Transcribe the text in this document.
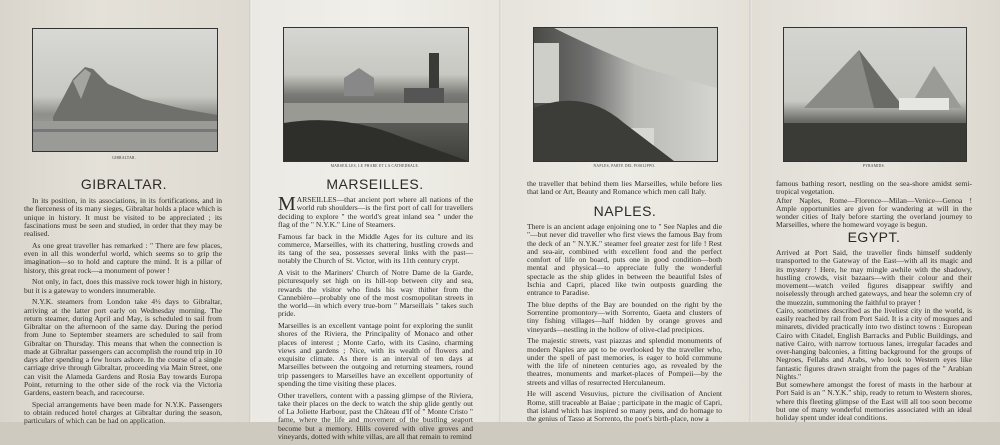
GIBRALTAR.
GIBRALTAR.

In its position, in its associations, in its fortifications, and in the fierceness of its many sieges, Gibraltar holds a place which is unique in history. It must be visited to be appreciated ; its fascinations must be seen and studied, in order that they may be realised.

As one great traveller has remarked : " There are few places, even in all this wonderful world, which seems so to grip the imagination—so to hold and capture the mind. It is a pillar of history, this great rock—a monument of power !

Not only, in fact, does this massive rock tower high in history, but it is a gateway to wonders innumerable.

N.Y.K. steamers from London take 4½ days to Gibraltar, arriving at the latter port early on Wednesday morning. The return steamer, during April and May, is scheduled to sail from Gibraltar on the afternoon of the same day. During the period from June to September steamers are scheduled to sail from Gibraltar on Thursday. This means that when the connection is made at Gibraltar passengers can accomplish the round trip in 10 days after spending a few hours ashore. In the course of a single carriage drive through Gibraltar, proceeding via Main Street, one can visit the Alameda Gardens and Rosia Bay towards Europa Point, returning to the other side of the rock via the Victoria Gardens, eastern beach, and racecourse.

Special arrangements have been made for N.Y.K. Passengers to obtain reduced hotel charges at Gibraltar during the season, particulars of which can be had on application.

MARSEILLES, LE PHARE ET LA CATHEDRALE.
MARSEILLES.

MARSEILLES—that ancient port where all nations of the world rub shoulders—is the first port of call for travellers deciding to explore " the world's great inland sea " under the flag of the " N.Y.K." Line of Steamers.

Famous far back in the Middle Ages for its culture and its commerce, Marseilles, with its chattering, hustling crowds and its tang of the sea, possesses several links with the past—notably the Church of St. Victor, with its 11th century crypt.

A visit to the Mariners' Church of Notre Dame de la Garde, picturesquely set high on its hill-top between city and sea, rewards the visitor who finds his way thither from the Cannebière—probably one of the most cosmopolitan streets in the world—in which every true-born " Marseillais " takes such pride.

Marseilles is an excellent vantage point for exploring the sunlit shores of the Riviera, the Principality of Monaco and other places of interest ; Monte Carlo, with its Casino, charming views and gardens ; Nice, with its wealth of flowers and exquisite climate. As there is an interval of ten days at Marseilles between the outgoing and returning steamers, round trip passengers to Marseilles have an excellent opportunity of spending the time visiting these places.

Other travellers, content with a passing glimpse of the Riviera, take their places on the deck to watch the ship glide gently out of La Joliette Harbour, past the Château d'If of " Monte Cristo " fame, where the life and movement of the bustling seaport become but a memory. Hills covered with olive groves and vineyards, dotted with white villas, are all that remain to remind

NAPLES, PARTE DEL POSILIPPO.

the traveller that behind them lies Marseilles, while before lies that land or Art, Beauty and Romance which men call Italy.

NAPLES.

There is an ancient adage enjoining one to " See Naples and die "—but never did traveller who first views the famous Bay from the deck of an " N.Y.K." steamer feel greater zest for life ! Rest and sea-air, combined with excellent food and the perfect comfort of life on board, puts one in good condition—both mental and physical—to appreciate fully the wonderful spectacle as the ship glides in between the beautiful Isles of Ischia and Capri, placed like twin outposts guarding the entrance to Paradise.

The blue depths of the Bay are bounded on the right by the Sorrentine promontory—with Sorrento, Gaeta and clusters of tiny fishing villages—half hidden by orange groves and vineyards—nestling in the hollow of olive-clad precipices.

The majestic streets, vast piazzas and splendid monuments of modern Naples are apt to be overlooked by the traveller who, under the spell of past memories, is eager to hold commune with the life of nineteen centuries ago, as revealed by the theatres, monuments and market-places of Pompeii—by the streets and villas of resurrected Herculaneum.

He will ascend Vesuvius, picture the civilisation of Ancient Rome, still traceable at Baiae ; participate in the magic of Capri, that island which has inspired so many pens, and do homage to the genius of Tasso at Sorrento, the poet's birth-place, now a

PYRAMIDS.

famous bathing resort, nestling on the sea-shore amidst semi-tropical vegetation.

After Naples, Rome—Florence—Milan—Venice—Genoa ! Ample opportunities are given for wandering at will in the wonder cities of Italy before starting the overland journey to Marseilles, where the homeward voyage is begun.

EGYPT.

Arrived at Port Said, the traveller finds himself suddenly transported to the Gateway of the East—with all its magic and its mystery ! Here, he may mingle awhile with the shadowy, hustling crowds, visit bazaars—with their colour and their movement—watch veiled figures disappear swiftly and noiselessly through arched gateways, and hear the solemn cry of the muezzin, summoning the faithful to prayer !

Cairo, sometimes described as the liveliest city in the world, is easily reached by rail from Port Said. It is a city of mosques and minarets, divided practically into two distinct towns : European Cairo with Citadel, English Barracks and Public Buildings, and native Cairo, with narrow tortuous lanes, irregular facades and over-hanging balconies, a fitting background for the groups of Negroes, Fellahs and Arabs, who look to Western eyes like fantastic figures drawn straight from the pages of the " Arabian Nights."

But somewhere amongst the forest of masts in the harbour at Port Said is an " N.Y.K." ship, ready to return to Western shores, where this fleeting glimpse of the East will all too soon become but one of many wonderful memories associated with an ideal holiday spent under ideal conditions.
